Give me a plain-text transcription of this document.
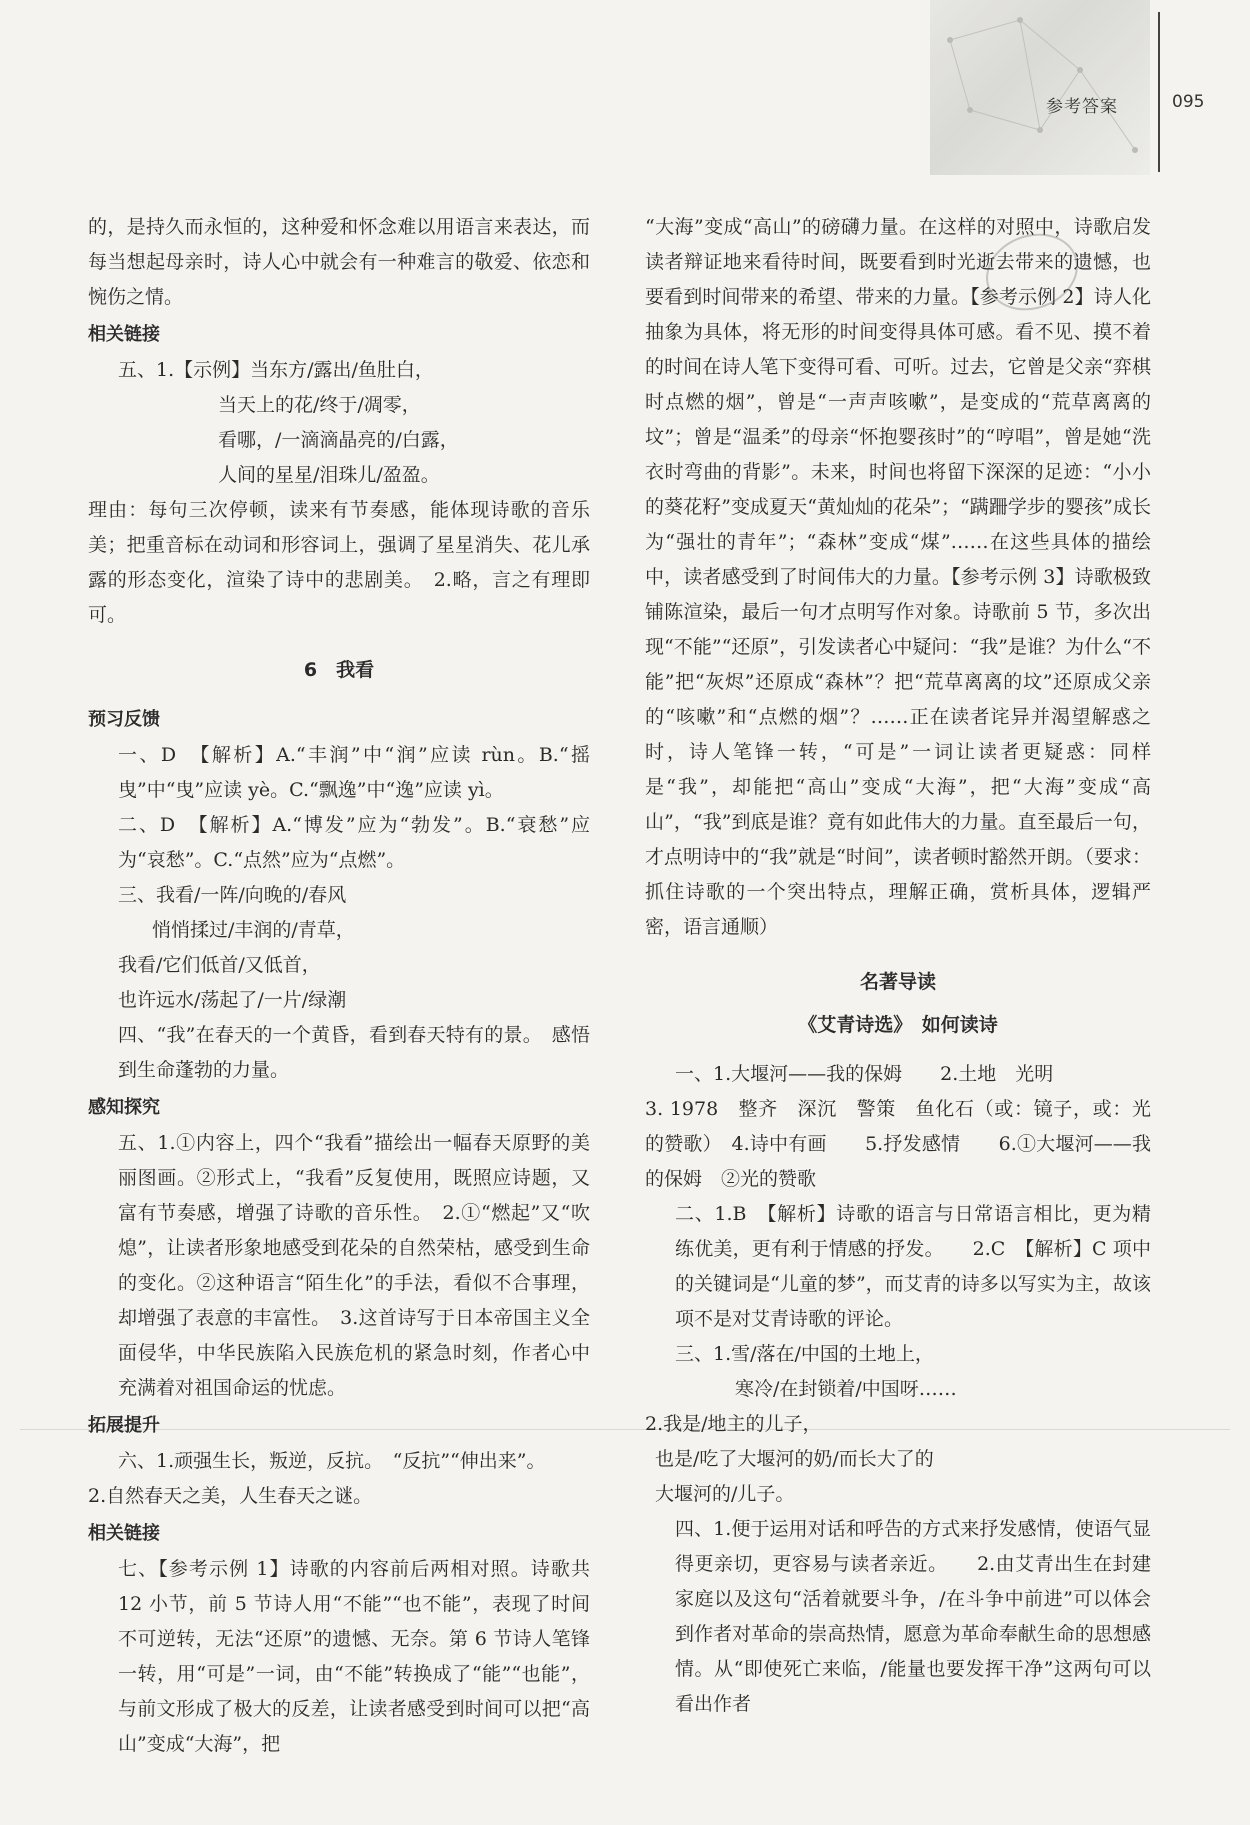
参考答案	095

的，是持久而永恒的，这种爱和怀念难以用语言来表达，而每当想起母亲时，诗人心中就会有一种难言的敬爱、依恋和惋伤之情。

相关链接

五、1.【示例】当东方/露出/鱼肚白，

当天上的花/终于/凋零，

看哪，/一滴滴晶亮的/白露，

人间的星星/泪珠儿/盈盈。

理由：每句三次停顿，读来有节奏感，能体现诗歌的音乐美；把重音标在动词和形容词上，强调了星星消失、花儿承露的形态变化，渲染了诗中的悲剧美。　2.略，言之有理即可。

6　我看
预习反馈

一、D　【解析】A.“丰润”中“润”应读 rùn。B.“摇曳”中“曳”应读 yè。C.“飘逸”中“逸”应读 yì。

二、D　【解析】A.“博发”应为“勃发”。B.“衰愁”应为“哀愁”。C.“点然”应为“点燃”。

三、我看/一阵/向晚的/春风

悄悄揉过/丰润的/青草，

我看/它们低首/又低首，

也许远水/荡起了/一片/绿潮

四、“我”在春天的一个黄昏，看到春天特有的景。　感悟到生命蓬勃的力量。

感知探究

五、1.①内容上，四个“我看”描绘出一幅春天原野的美丽图画。②形式上，“我看”反复使用，既照应诗题，又富有节奏感，增强了诗歌的音乐性。　2.①“燃起”又“吹熄”，让读者形象地感受到花朵的自然荣枯，感受到生命的变化。②这种语言“陌生化”的手法，看似不合事理，却增强了表意的丰富性。　3.这首诗写于日本帝国主义全面侵华，中华民族陷入民族危机的紧急时刻，作者心中充满着对祖国命运的忧虑。

拓展提升

六、1.顽强生长，叛逆，反抗。　“反抗”“伸出来”。

2.自然春天之美，人生春天之谜。

相关链接

七、【参考示例 1】诗歌的内容前后两相对照。诗歌共 12 小节，前 5 节诗人用“不能”“也不能”，表现了时间不可逆转，无法“还原”的遗憾、无奈。第 6 节诗人笔锋一转，用“可是”一词，由“不能”转换成了“能”“也能”，与前文形成了极大的反差，让读者感受到时间可以把“高山”变成“大海”，把

“大海”变成“高山”的磅礴力量。在这样的对照中，诗歌启发读者辩证地来看待时间，既要看到时光逝去带来的遗憾，也要看到时间带来的希望、带来的力量。【参考示例 2】诗人化抽象为具体，将无形的时间变得具体可感。看不见、摸不着的时间在诗人笔下变得可看、可听。过去，它曾是父亲“弈棋时点燃的烟”，曾是“一声声咳嗽”，是变成的“荒草离离的坟”；曾是“温柔”的母亲“怀抱婴孩时”的“哼唱”，曾是她“洗衣时弯曲的背影”。未来，时间也将留下深深的足迹：“小小的葵花籽”变成夏天“黄灿灿的花朵”；“蹒跚学步的婴孩”成长为“强壮的青年”；“森林”变成“煤”……在这些具体的描绘中，读者感受到了时间伟大的力量。【参考示例 3】诗歌极致铺陈渲染，最后一句才点明写作对象。诗歌前 5 节，多次出现“不能”“还原”，引发读者心中疑问：“我”是谁？为什么“不能”把“灰烬”还原成“森林”？把“荒草离离的坟”还原成父亲的“咳嗽”和“点燃的烟”？……正在读者诧异并渴望解惑之时，诗人笔锋一转，“可是”一词让读者更疑惑：同样是“我”，却能把“高山”变成“大海”，把“大海”变成“高山”，“我”到底是谁？竟有如此伟大的力量。直至最后一句，才点明诗中的“我”就是“时间”，读者顿时豁然开朗。（要求：抓住诗歌的一个突出特点，理解正确，赏析具体，逻辑严密，语言通顺）

名著导读
《艾青诗选》　如何读诗

一、1.大堰河——我的保姆　　2.土地　光明

3. 1978　整齐　深沉　警策　鱼化石（或：镜子，或：光的赞歌）　4.诗中有画　　5.抒发感情　　6.①大堰河——我的保姆　②光的赞歌

二、1.B　【解析】诗歌的语言与日常语言相比，更为精练优美，更有利于情感的抒发。　　2.C　【解析】C 项中的关键词是“儿童的梦”，而艾青的诗多以写实为主，故该项不是对艾青诗歌的评论。

三、1.雪/落在/中国的土地上，

寒冷/在封锁着/中国呀……

2.我是/地主的儿子，

也是/吃了大堰河的奶/而长大了的

大堰河的/儿子。

四、1.便于运用对话和呼告的方式来抒发感情，使语气显得更亲切，更容易与读者亲近。　　2.由艾青出生在封建家庭以及这句“活着就要斗争，/在斗争中前进”可以体会到作者对革命的崇高热情，愿意为革命奉献生命的思想感情。从“即使死亡来临，/能量也要发挥干净”这两句可以看出作者
